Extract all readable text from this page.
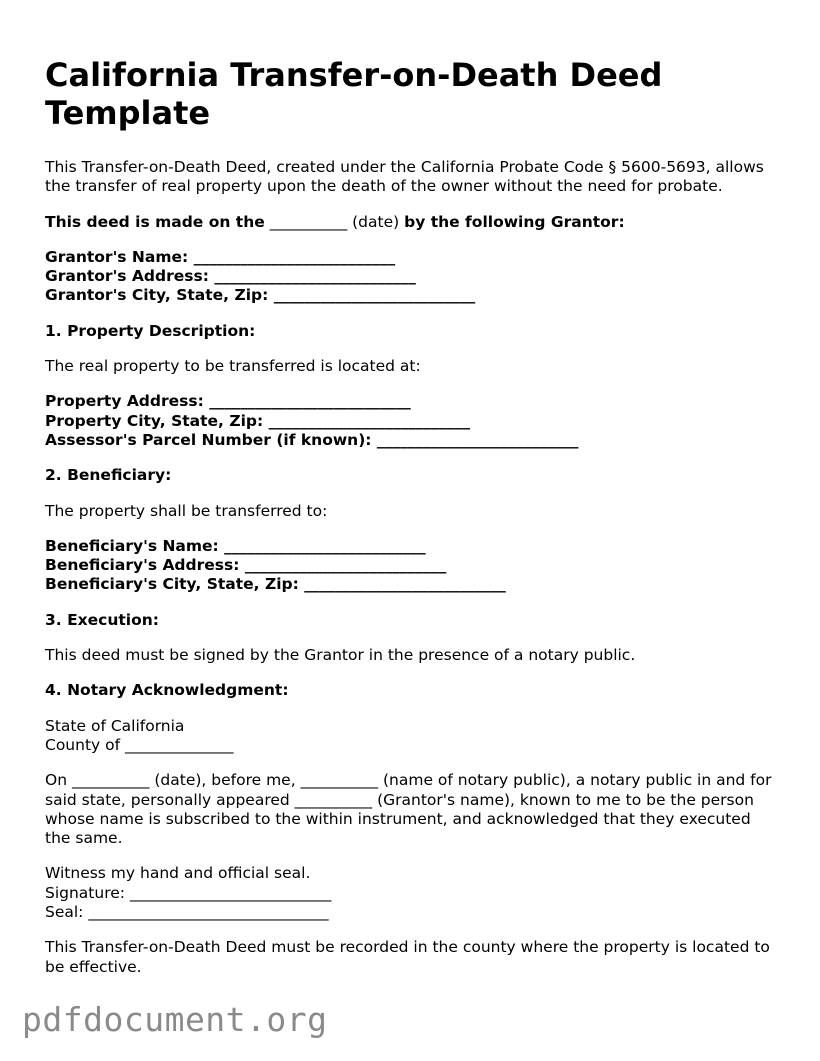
California Transfer-on-Death Deed Template

This Transfer-on-Death Deed, created under the California Probate Code § 5600-5693, allows the transfer of real property upon the death of the owner without the need for probate.

This deed is made on the __________ (date) by the following Grantor:

Grantor's Name: __________________________

Grantor's Address: __________________________

Grantor's City, State, Zip: __________________________

1. Property Description:

The real property to be transferred is located at:

Property Address: __________________________

Property City, State, Zip: __________________________

Assessor's Parcel Number (if known): __________________________

2. Beneficiary:

The property shall be transferred to:

Beneficiary's Name: __________________________

Beneficiary's Address: __________________________

Beneficiary's City, State, Zip: __________________________

3. Execution:

This deed must be signed by the Grantor in the presence of a notary public.

4. Notary Acknowledgment:

State of California

County of ______________

On __________ (date), before me, __________ (name of notary public), a notary public in and for said state, personally appeared __________ (Grantor's name), known to me to be the person whose name is subscribed to the within instrument, and acknowledged that they executed the same.

Witness my hand and official seal.

Signature: __________________________

Seal: _______________________________

This Transfer-on-Death Deed must be recorded in the county where the property is located to be effective.

pdfdocument.org
